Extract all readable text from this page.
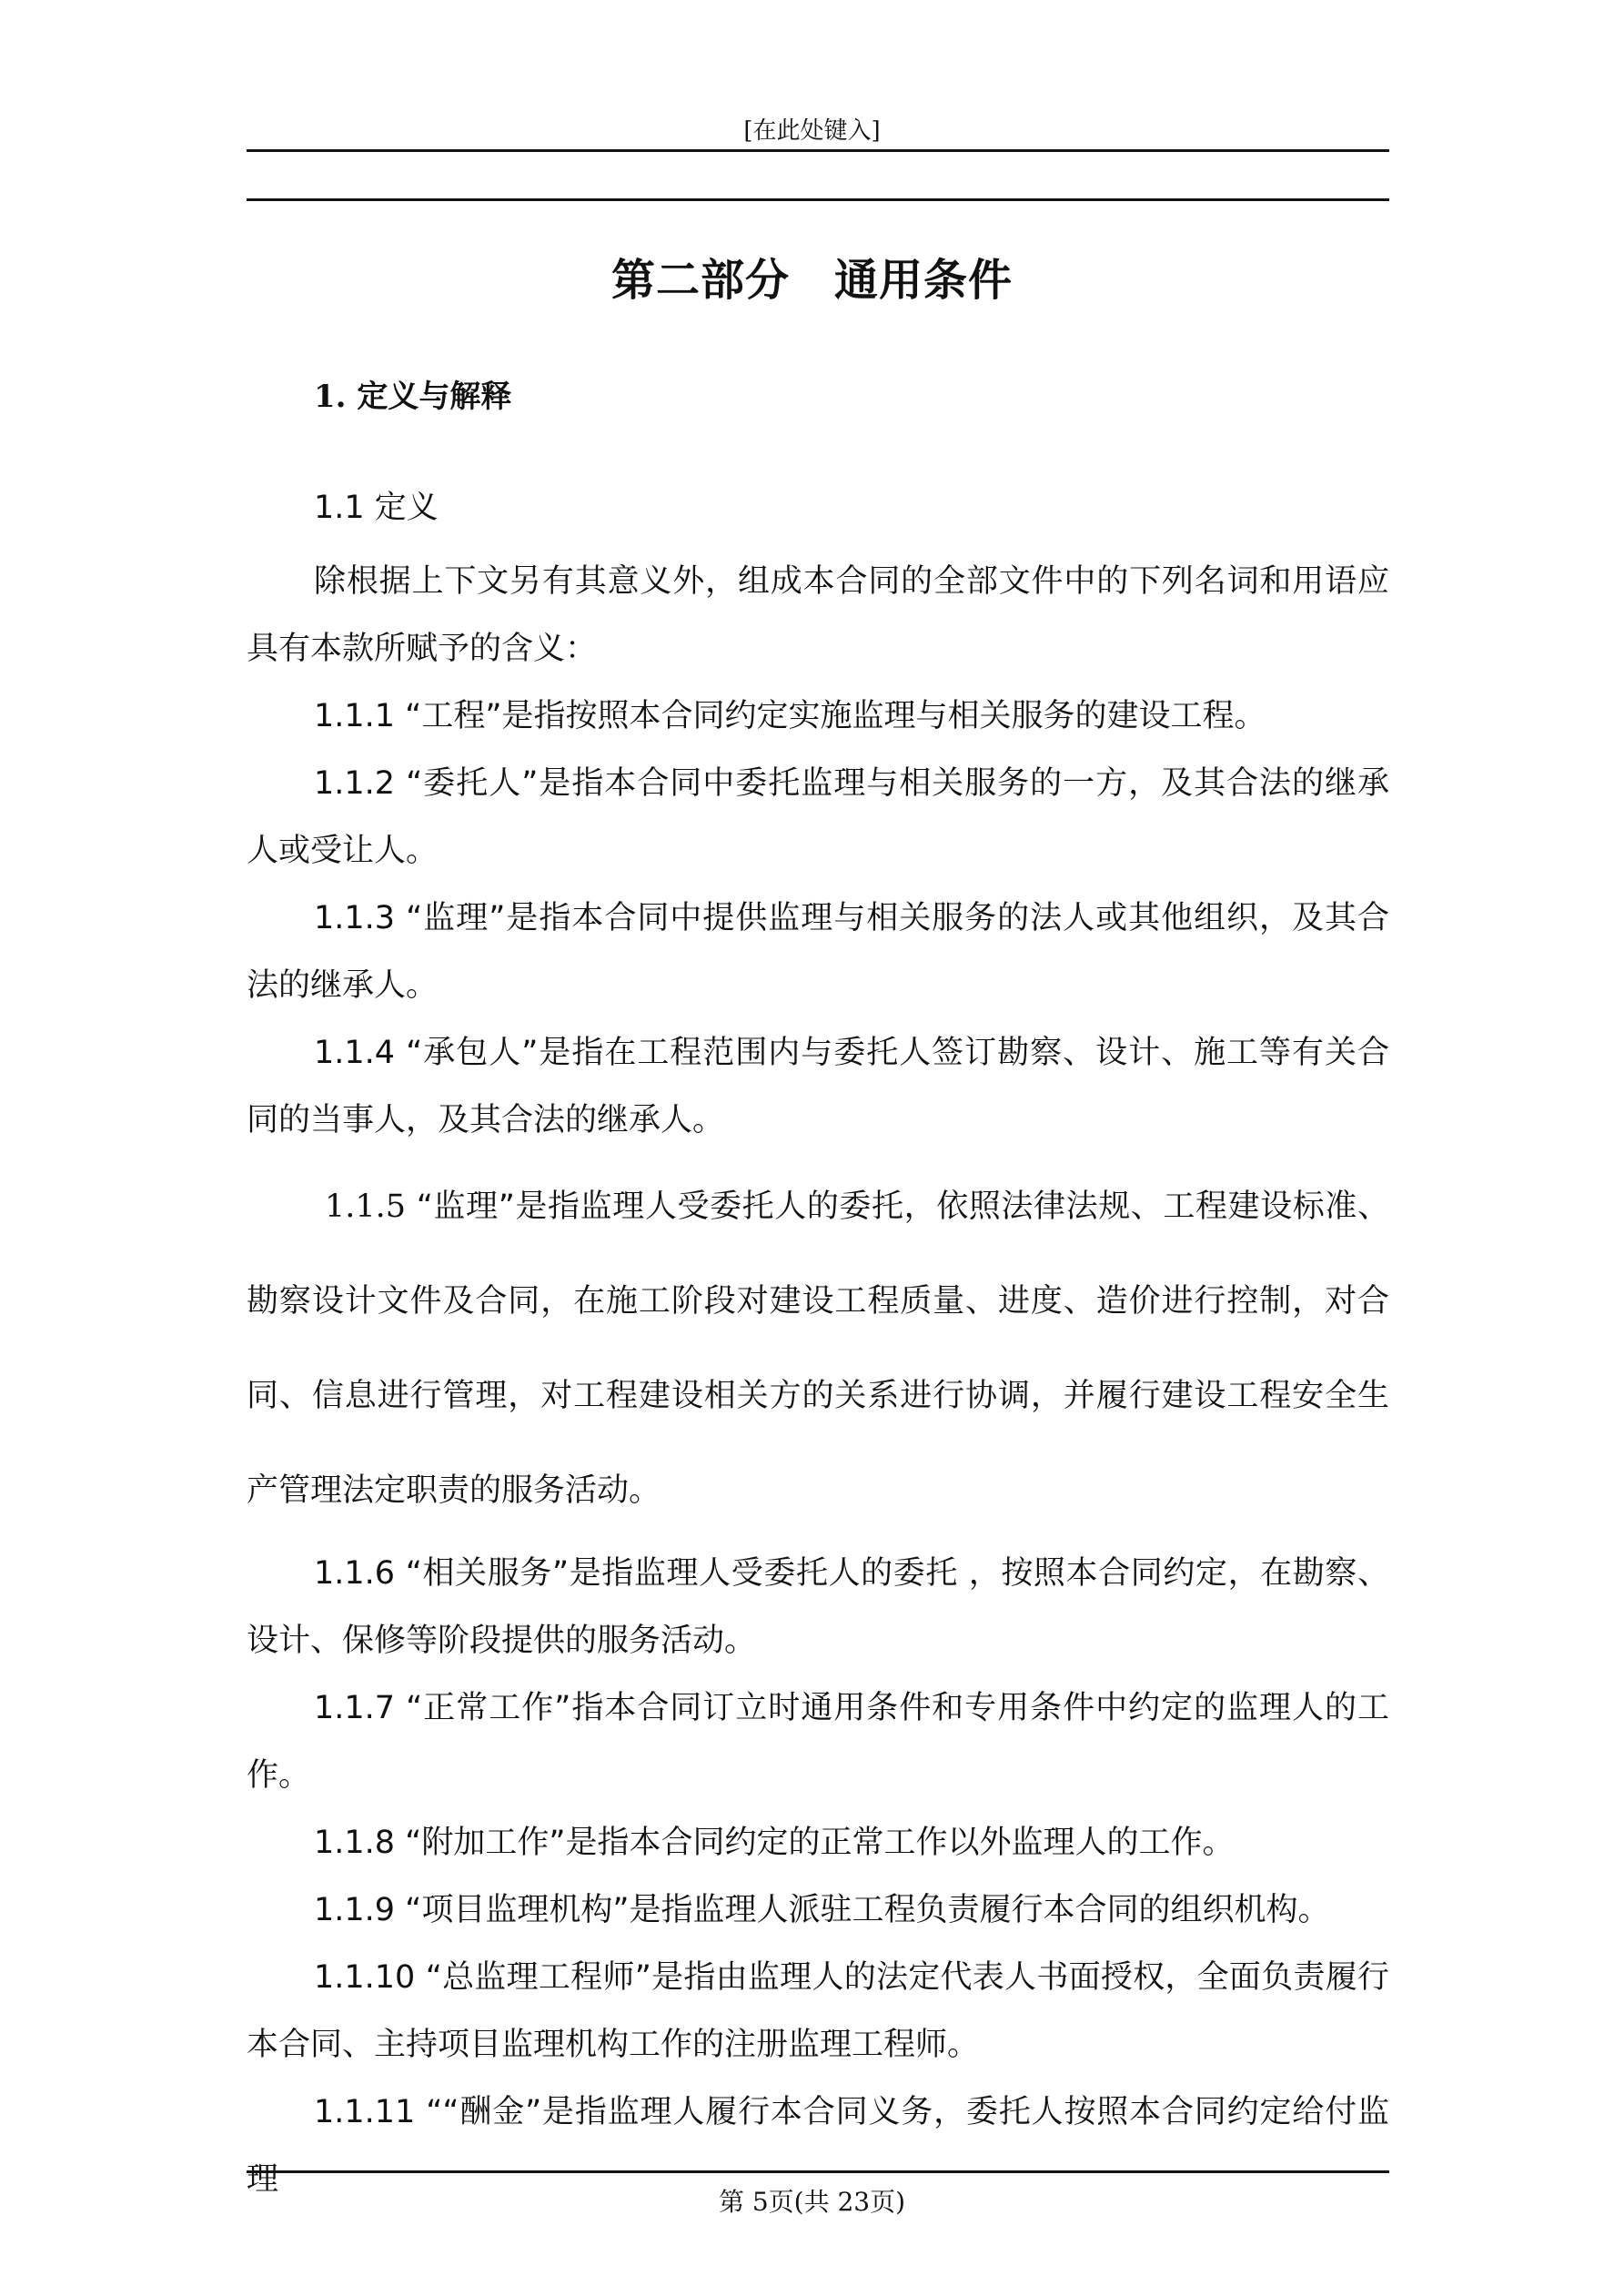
[在此处键入]
第二部分　通用条件
1. 定义与解释
1.1 定义

除根据上下文另有其意义外，组成本合同的全部文件中的下列名词和用语应具有本款所赋予的含义：

1.1.1 “工程”是指按照本合同约定实施监理与相关服务的建设工程。

1.1.2 “委托人”是指本合同中委托监理与相关服务的一方，及其合法的继承人或受让人。

1.1.3 “监理”是指本合同中提供监理与相关服务的法人或其他组织，及其合法的继承人。

1.1.4 “承包人”是指在工程范围内与委托人签订勘察、设计、施工等有关合同的当事人，及其合法的继承人。

1.1.5 “监理”是指监理人受委托人的委托，依照法律法规、工程建设标准、勘察设计文件及合同，在施工阶段对建设工程质量、进度、造价进行控制，对合同、信息进行管理，对工程建设相关方的关系进行协调，并履行建设工程安全生产管理法定职责的服务活动。

1.1.6 “相关服务”是指监理人受委托人的委托 ，按照本合同约定，在勘察、设计、保修等阶段提供的服务活动。

1.1.7 “正常工作”指本合同订立时通用条件和专用条件中约定的监理人的工作。

1.1.8 “附加工作”是指本合同约定的正常工作以外监理人的工作。

1.1.9 “项目监理机构”是指监理人派驻工程负责履行本合同的组织机构。

1.1.10 “总监理工程师”是指由监理人的法定代表人书面授权，全面负责履行本合同、主持项目监理机构工作的注册监理工程师。

1.1.11 ““酬金”是指监理人履行本合同义务，委托人按照本合同约定给付监理

第 5页(共 23页)
